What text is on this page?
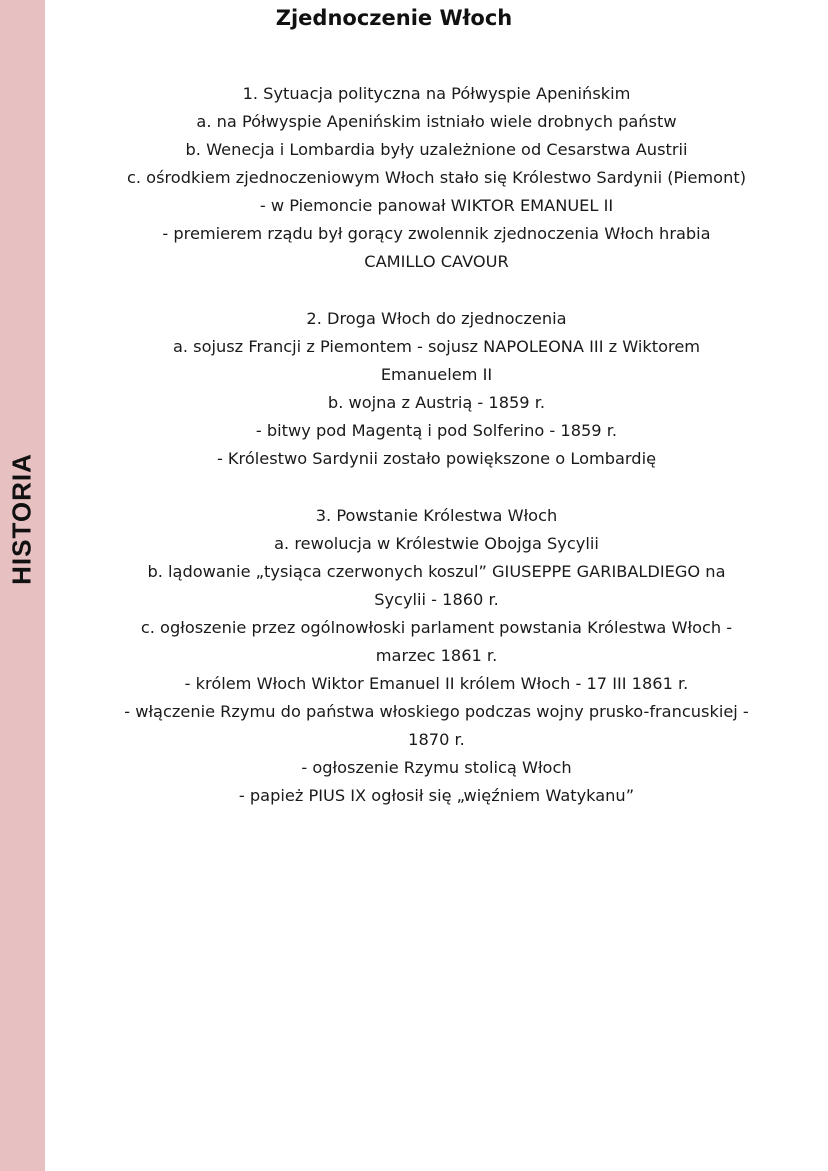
HISTORIA
Zjednoczenie Włoch
1. Sytuacja polityczna na Półwyspie Apenińskim
a. na Półwyspie Apenińskim istniało wiele drobnych państw
b. Wenecja i Lombardia były uzależnione od Cesarstwa Austrii
c. ośrodkiem zjednoczeniowym Włoch stało się Królestwo Sardynii (Piemont)
- w Piemoncie panował WIKTOR EMANUEL II
- premierem rządu był gorący zwolennik zjednoczenia Włoch hrabia
CAMILLO CAVOUR
2. Droga Włoch do zjednoczenia
a. sojusz Francji z Piemontem - sojusz NAPOLEONA III z Wiktorem
Emanuelem II
b. wojna z Austrią - 1859 r.
- bitwy pod Magentą i pod Solferino - 1859 r.
- Królestwo Sardynii zostało powiększone o Lombardię
3. Powstanie Królestwa Włoch
a. rewolucja w Królestwie Obojga Sycylii
b. lądowanie „tysiąca czerwonych koszul” GIUSEPPE GARIBALDIEGO na
Sycylii - 1860 r.
c. ogłoszenie przez ogólnowłoski parlament powstania Królestwa Włoch -
marzec 1861 r.
- królem Włoch Wiktor Emanuel II królem Włoch - 17 III 1861 r.
- włączenie Rzymu do państwa włoskiego podczas wojny prusko-francuskiej -
1870 r.
- ogłoszenie Rzymu stolicą Włoch
- papież PIUS IX ogłosił się „więźniem Watykanu”
